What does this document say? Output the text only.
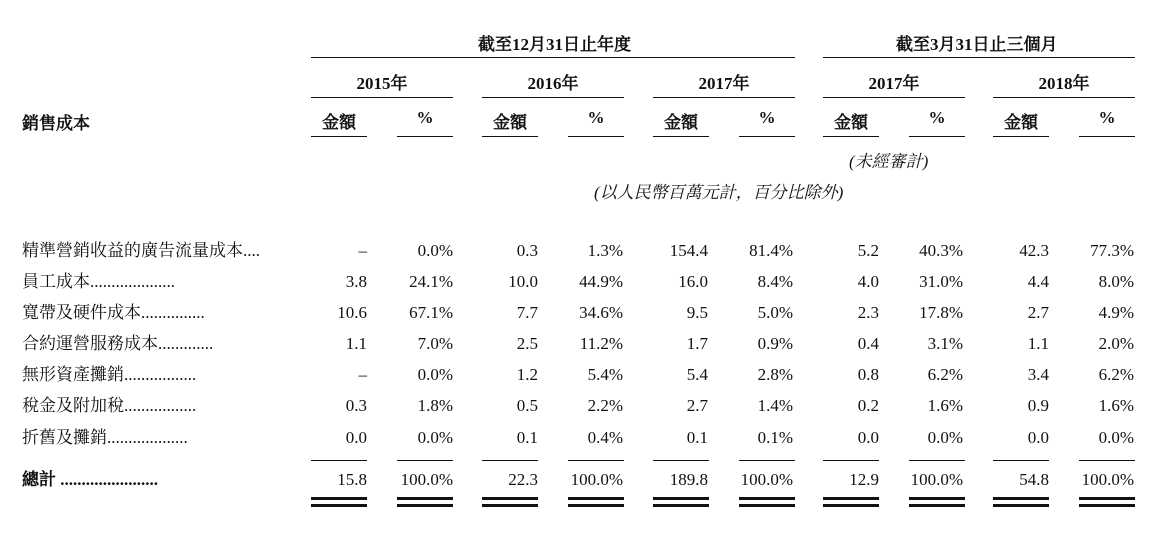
截至12月31日止年度	截至3月31日止三個月
2015年	2016年	2017年	2017年	2018年
銷售成本	金額	%	金額	%	金額	%	金額	%	金額	%
(未經審計)
(以人民幣百萬元計，百分比除外)
精準營銷收益的廣告流量成本....	–	0.0%	0.3	1.3%	154.4	81.4%	5.2	40.3%	42.3	77.3%
員工成本....................	3.8	24.1%	10.0	44.9%	16.0	8.4%	4.0	31.0%	4.4	8.0%
寬帶及硬件成本...............	10.6	67.1%	7.7	34.6%	9.5	5.0%	2.3	17.8%	2.7	4.9%
合約運營服務成本.............	1.1	7.0%	2.5	11.2%	1.7	0.9%	0.4	3.1%	1.1	2.0%
無形資產攤銷.................	–	0.0%	1.2	5.4%	5.4	2.8%	0.8	6.2%	3.4	6.2%
稅金及附加稅.................	0.3	1.8%	0.5	2.2%	2.7	1.4%	0.2	1.6%	0.9	1.6%
折舊及攤銷...................	0.0	0.0%	0.1	0.4%	0.1	0.1%	0.0	0.0%	0.0	0.0%
總計 .......................	15.8	100.0%	22.3	100.0%	189.8	100.0%	12.9	100.0%	54.8	100.0%
